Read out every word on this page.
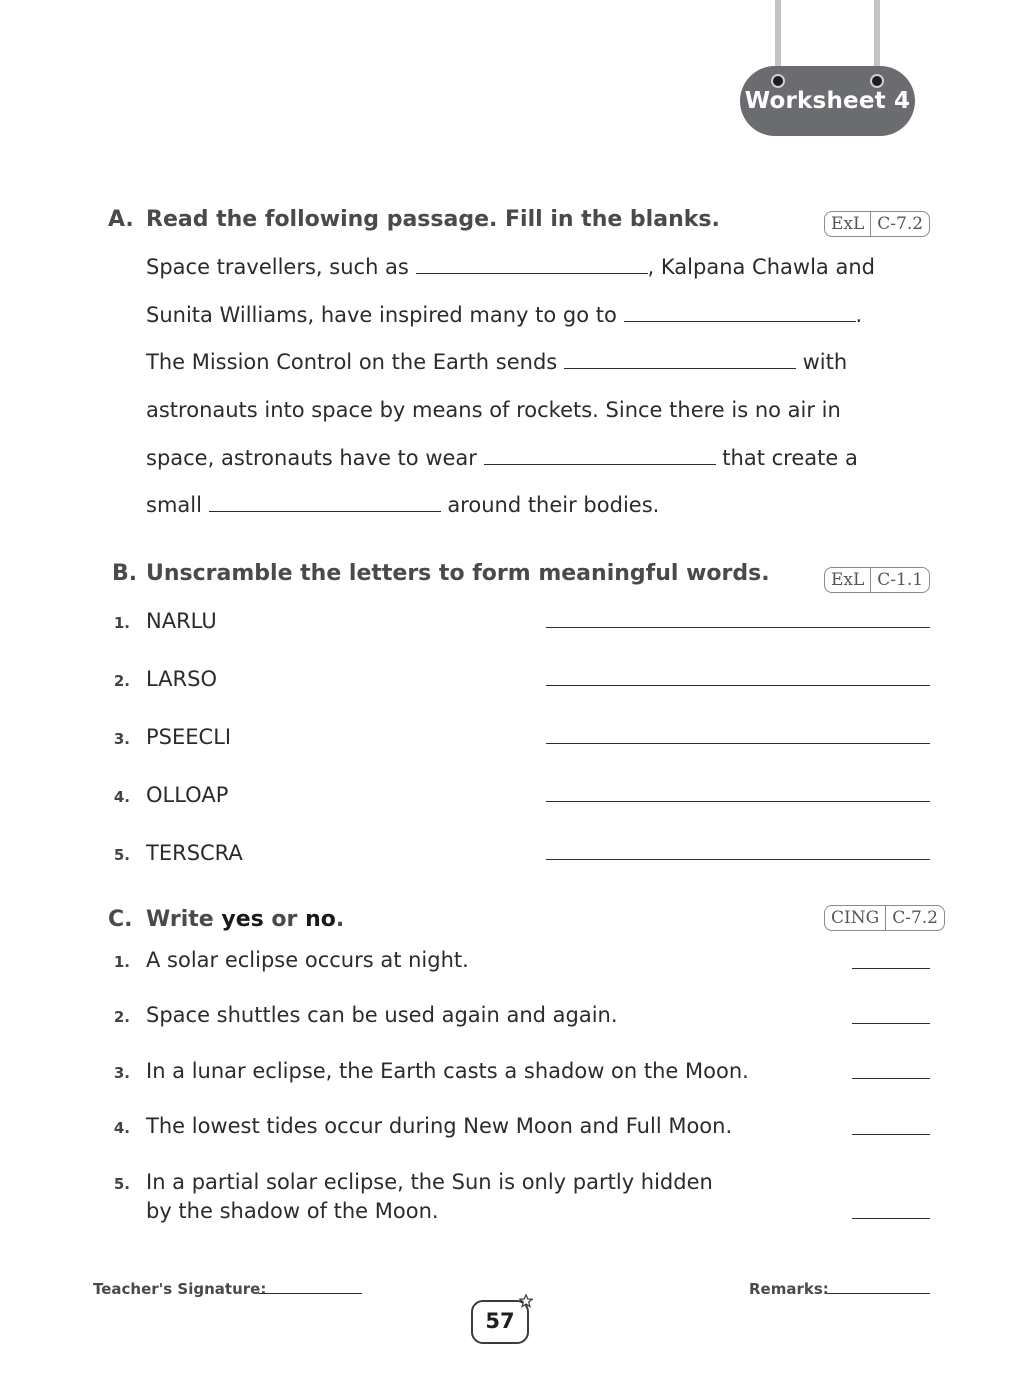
Worksheet 4
A. Read the following passage. Fill in the blanks.	ExL C-7.2
Space travellers, such as	, Kalpana Chawla and
Sunita Williams, have inspired many to go to	.
The Mission Control on the Earth sends	with
astronauts into space by means of rockets. Since there is no air in
space, astronauts have to wear	that create a
small	around their bodies.
B. Unscramble the letters to form meaningful words.	ExL C-1.1
1. NARLU
2. LARSO
3. PSEECLI
4. OLLOAP
5. TERSCRA
C. Write yes or no.	CING C-7.2
1. A solar eclipse occurs at night.
2. Space shuttles can be used again and again.
3. In a lunar eclipse, the Earth casts a shadow on the Moon.
4. The lowest tides occur during New Moon and Full Moon.
5. In a partial solar eclipse, the Sun is only partly hidden
by the shadow of the Moon.
Teacher's Signature:	Remarks:
57
